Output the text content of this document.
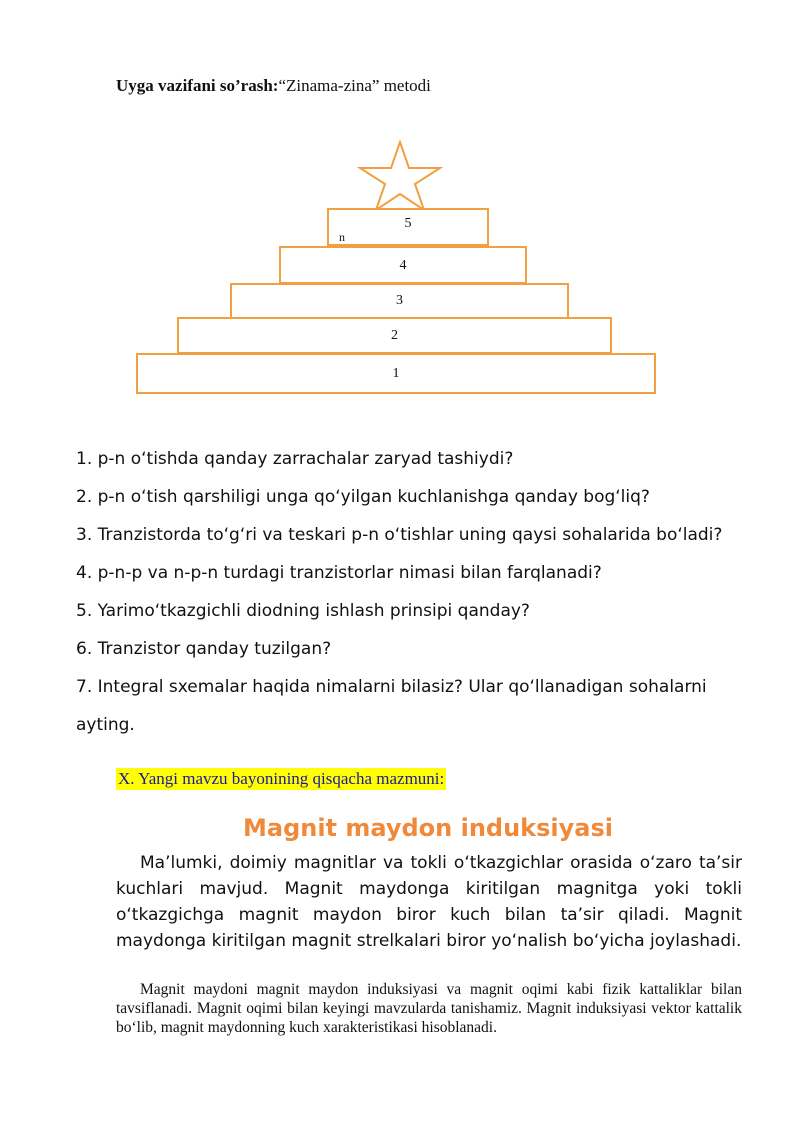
Uyga vazifani so’rash:“Zinama-zina” metodi
5
n
4
3
2
1

1. p-n o‘tishda qanday zarrachalar zaryad tashiydi?

2. p-n o‘tish qarshiligi unga qo‘yilgan kuchlanishga qanday bog‘liq?

3. Tranzistorda to‘g‘ri va teskari p-n o‘tishlar uning qaysi sohalarida bo‘ladi?

4. p-n-p va n-p-n turdagi tranzistorlar nimasi bilan farqlanadi?

5. Yarimo‘tkazgichli diodning ishlash prinsipi qanday?

6. Tranzistor qanday tuzilgan?

7. Integral sxemalar haqida nimalarni bilasiz? Ular qo‘llanadigan sohalarni

ayting.

X. Yangi mavzu bayonining qisqacha mazmuni:
Magnit maydon induksiyasi
Ma’lumki, doimiy magnitlar va tokli o‘tkazgichlar orasida o‘zaro ta’sir kuchlari mavjud. Magnit maydonga kiritilgan magnitga yoki tokli o‘tkazgichga magnit maydon biror kuch bilan ta’sir qiladi. Magnit maydonga kiritilgan magnit strelkalari biror yo‘nalish bo‘yicha joylashadi.
Magnit maydoni magnit maydon induksiyasi va magnit oqimi kabi fizik kattaliklar bilan tavsiflanadi. Magnit oqimi bilan keyingi mavzularda tanishamiz. Magnit induksiyasi vektor kattalik bo‘lib, magnit maydonning kuch xarakteristikasi hisoblanadi.
